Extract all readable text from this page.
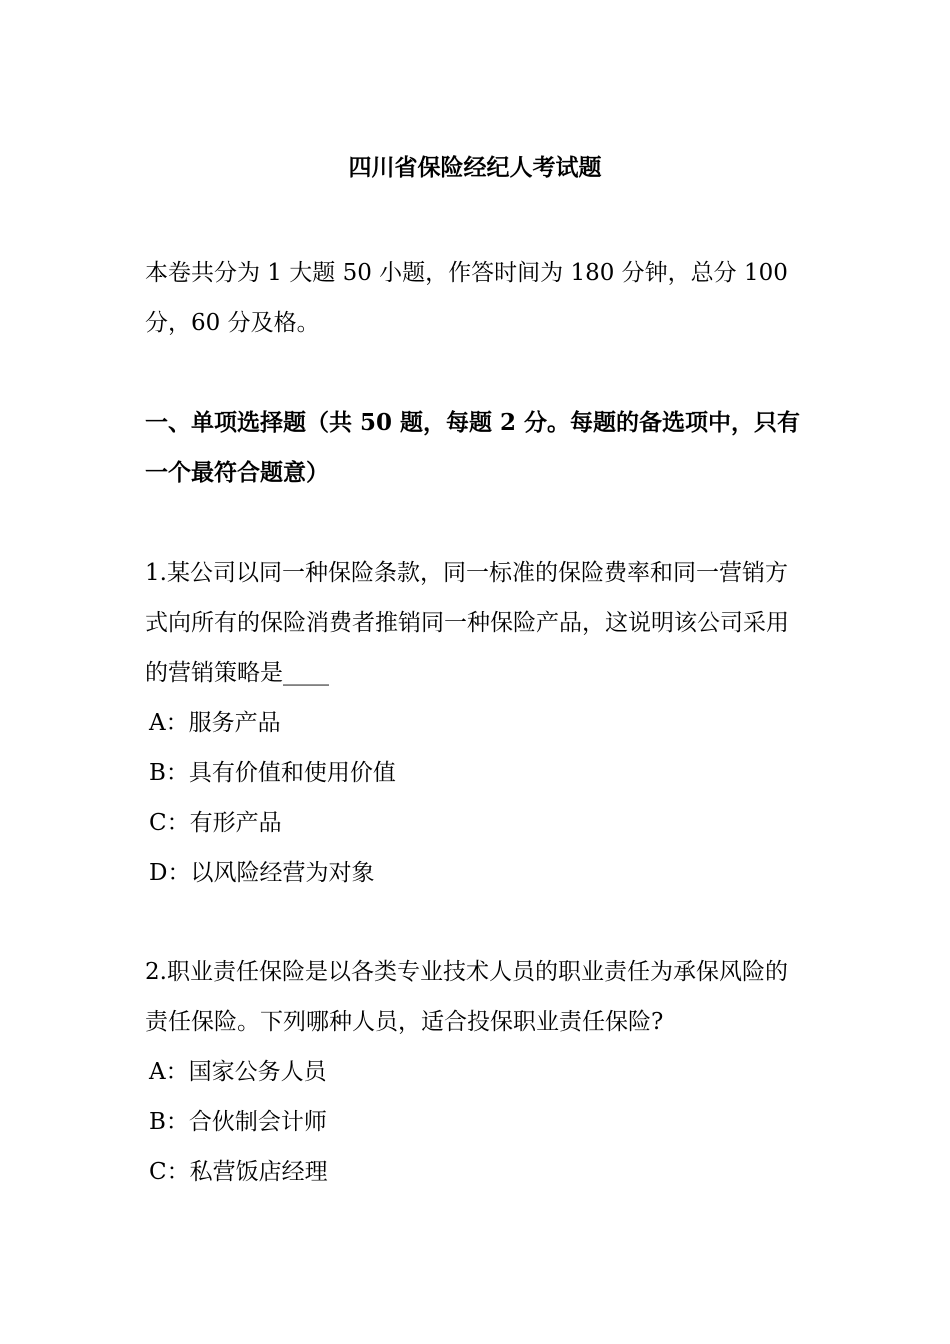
四川省保险经纪人考试题
本卷共分为 1 大题 50 小题，作答时间为 180 分钟，总分 100 分，60 分及格。
一、单项选择题（共 50 题，每题 2 分。每题的备选项中，只有一个最符合题意）

1.某公司以同一种保险条款，同一标准的保险费率和同一营销方式向所有的保险消费者推销同一种保险产品，这说明该公司采用的营销策略是____

A：服务产品
B：具有价值和使用价值
C：有形产品
D：以风险经营为对象

2.职业责任保险是以各类专业技术人员的职业责任为承保风险的责任保险。下列哪种人员，适合投保职业责任保险?

A：国家公务人员
B：合伙制会计师
C：私营饭店经理
